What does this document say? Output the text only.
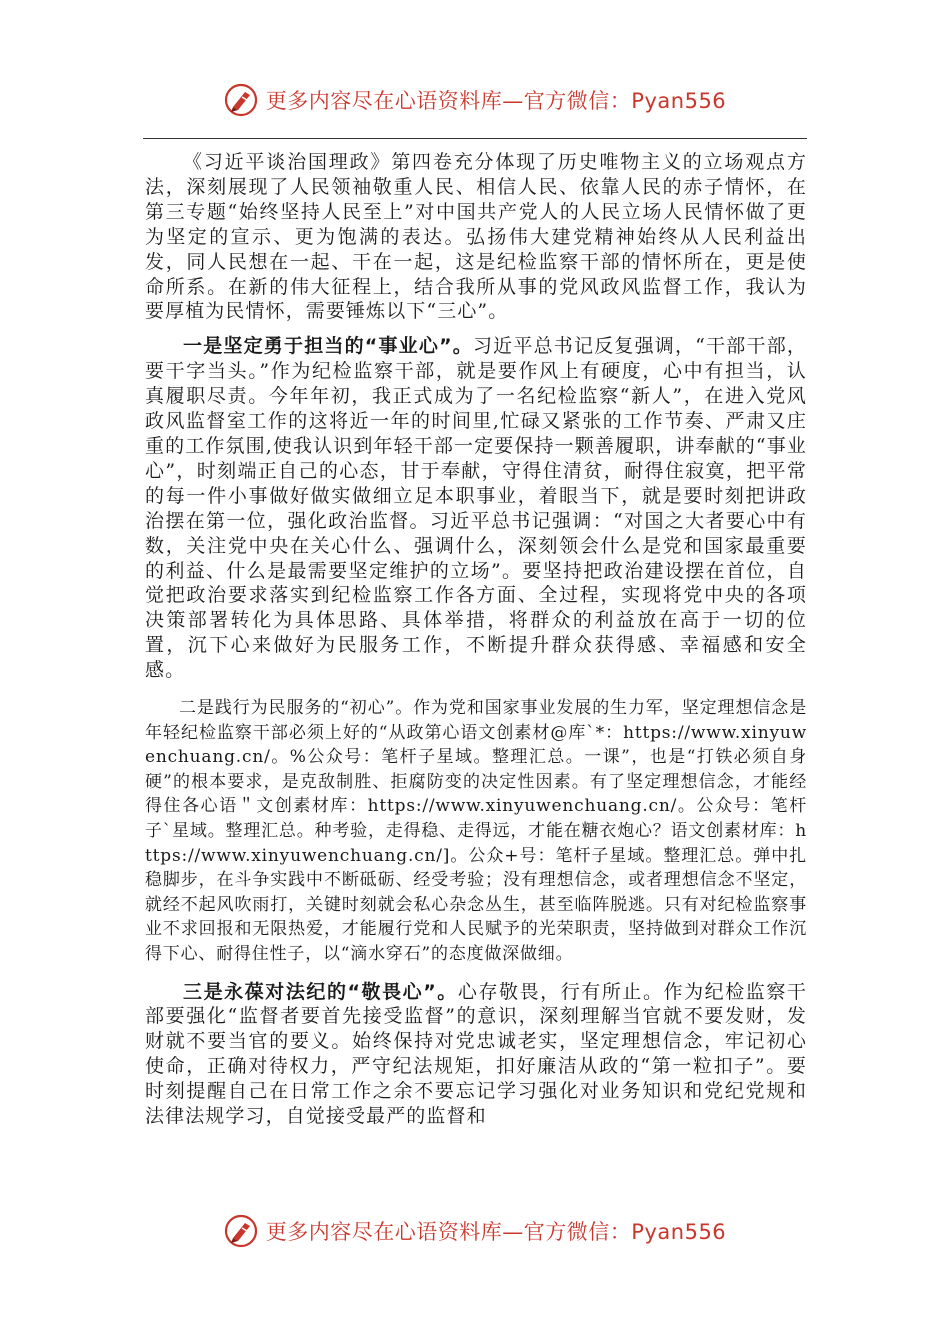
更多内容尽在心语资料库—官方微信：Pyan556

《习近平谈治国理政》第四卷充分体现了历史唯物主义的立场观点方法，深刻展现了人民领袖敬重人民、相信人民、依靠人民的赤子情怀，在第三专题“始终坚持人民至上”对中国共产党人的人民立场人民情怀做了更为坚定的宣示、更为饱满的表达。弘扬伟大建党精神始终从人民利益出发，同人民想在一起、干在一起，这是纪检监察干部的情怀所在，更是使命所系。在新的伟大征程上，结合我所从事的党风政风监督工作，我认为要厚植为民情怀，需要锤炼以下“三心”。

一是坚定勇于担当的“事业心”。习近平总书记反复强调，“干部干部，要干字当头。”作为纪检监察干部，就是要作风上有硬度，心中有担当，认真履职尽责。今年年初，我正式成为了一名纪检监察“新人”，在进入党风政风监督室工作的这将近一年的时间里,忙碌又紧张的工作节奏、严肃又庄重的工作氛围,使我认识到年轻干部一定要保持一颗善履职，讲奉献的“事业心”，时刻端正自己的心态，甘于奉献，守得住清贫，耐得住寂寞，把平常的每一件小事做好做实做细立足本职事业，着眼当下，就是要时刻把讲政治摆在第一位，强化政治监督。习近平总书记强调：“对国之大者要心中有数，关注党中央在关心什么、强调什么，深刻领会什么是党和国家最重要的利益、什么是最需要坚定维护的立场”。要坚持把政治建设摆在首位，自觉把政治要求落实到纪检监察工作各方面、全过程，实现将党中央的各项决策部署转化为具体思路、具体举措，将群众的利益放在高于一切的位置，沉下心来做好为民服务工作，不断提升群众获得感、幸福感和安全感。

二是践行为民服务的“初心”。作为党和国家事业发展的生力军，坚定理想信念是年轻纪检监察干部必须上好的“从政第心语文创素材@库`*：https://www.xinyuwenchuang.cn/。%公众号：笔杆子星域。整理汇总。一课”，也是“打铁必须自身硬”的根本要求，是克敌制胜、拒腐防变的决定性因素。有了坚定理想信念，才能经得住各心语＂文创素材库：https://www.xinyuwenchuang.cn/。公众号：笔杆子`星域。整理汇总。种考验，走得稳、走得远，才能在糖衣炮心？语文创素材库：https://www.xinyuwenchuang.cn/]。公众+号：笔杆子星域。整理汇总。弹中扎稳脚步，在斗争实践中不断砥砺、经受考验；没有理想信念，或者理想信念不坚定，就经不起风吹雨打，关键时刻就会私心杂念丛生，甚至临阵脱逃。只有对纪检监察事业不求回报和无限热爱，才能履行党和人民赋予的光荣职责，坚持做到对群众工作沉得下心、耐得住性子，以“滴水穿石”的态度做深做细。

三是永葆对法纪的“敬畏心”。心存敬畏，行有所止。作为纪检监察干部要强化“监督者要首先接受监督”的意识，深刻理解当官就不要发财，发财就不要当官的要义。始终保持对党忠诚老实，坚定理想信念，牢记初心使命，正确对待权力，严守纪法规矩，扣好廉洁从政的“第一粒扣子”。要时刻提醒自己在日常工作之余不要忘记学习强化对业务知识和党纪党规和法律法规学习，自觉接受最严的监督和

更多内容尽在心语资料库—官方微信：Pyan556
